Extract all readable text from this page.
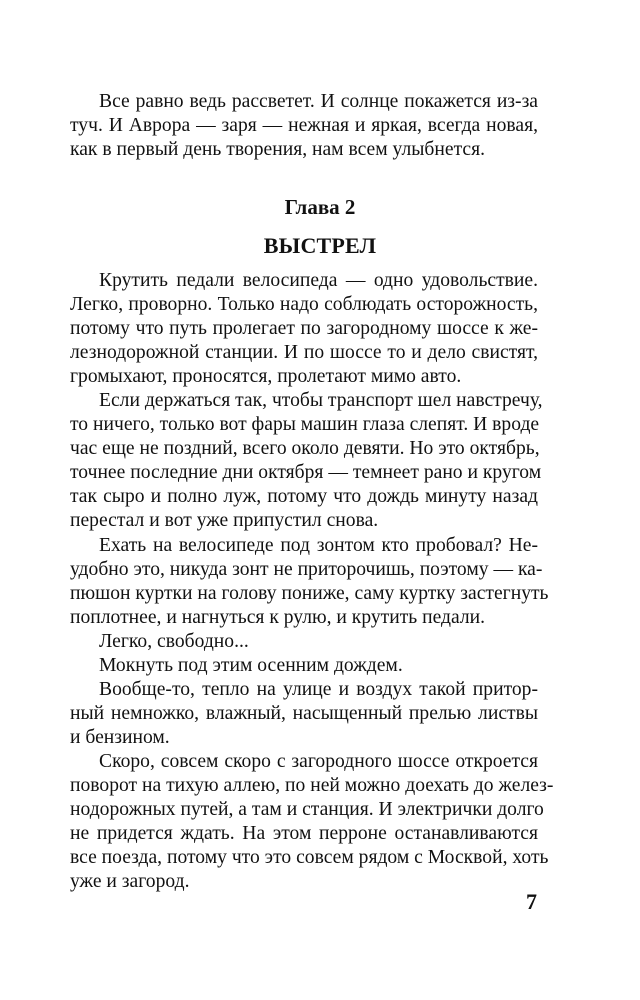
Все равно ведь рассветет. И солнце покажется из-за
туч. И Аврора — заря — нежная и яркая, всегда новая,
как в первый день творения, нам всем улыбнется.
Глава 2
ВЫСТРЕЛ
Крутить педали велосипеда — одно удовольствие.
Легко, проворно. Только надо соблюдать осторожность,
потому что путь пролегает по загородному шоссе к же-
лезнодорожной станции. И по шоссе то и дело свистят,
громыхают, проносятся, пролетают мимо авто.
Если держаться так, чтобы транспорт шел навстречу,
то ничего, только вот фары машин глаза слепят. И вроде
час еще не поздний, всего около девяти. Но это октябрь,
точнее последние дни октября — темнеет рано и кругом
так сыро и полно луж, потому что дождь минуту назад
перестал и вот уже припустил снова.
Ехать на велосипеде под зонтом кто пробовал? Не-
удобно это, никуда зонт не приторочишь, поэтому — ка-
пюшон куртки на голову пониже, саму куртку застегнуть
поплотнее, и нагнуться к рулю, и крутить педали.
Легко, свободно...
Мокнуть под этим осенним дождем.
Вообще-то, тепло на улице и воздух такой притор-
ный немножко, влажный, насыщенный прелью листвы
и бензином.
Скоро, совсем скоро с загородного шоссе откроется
поворот на тихую аллею, по ней можно доехать до желез-
нодорожных путей, а там и станция. И электрички долго
не придется ждать. На этом перроне останавливаются
все поезда, потому что это совсем рядом с Москвой, хоть
уже и загород.
7
